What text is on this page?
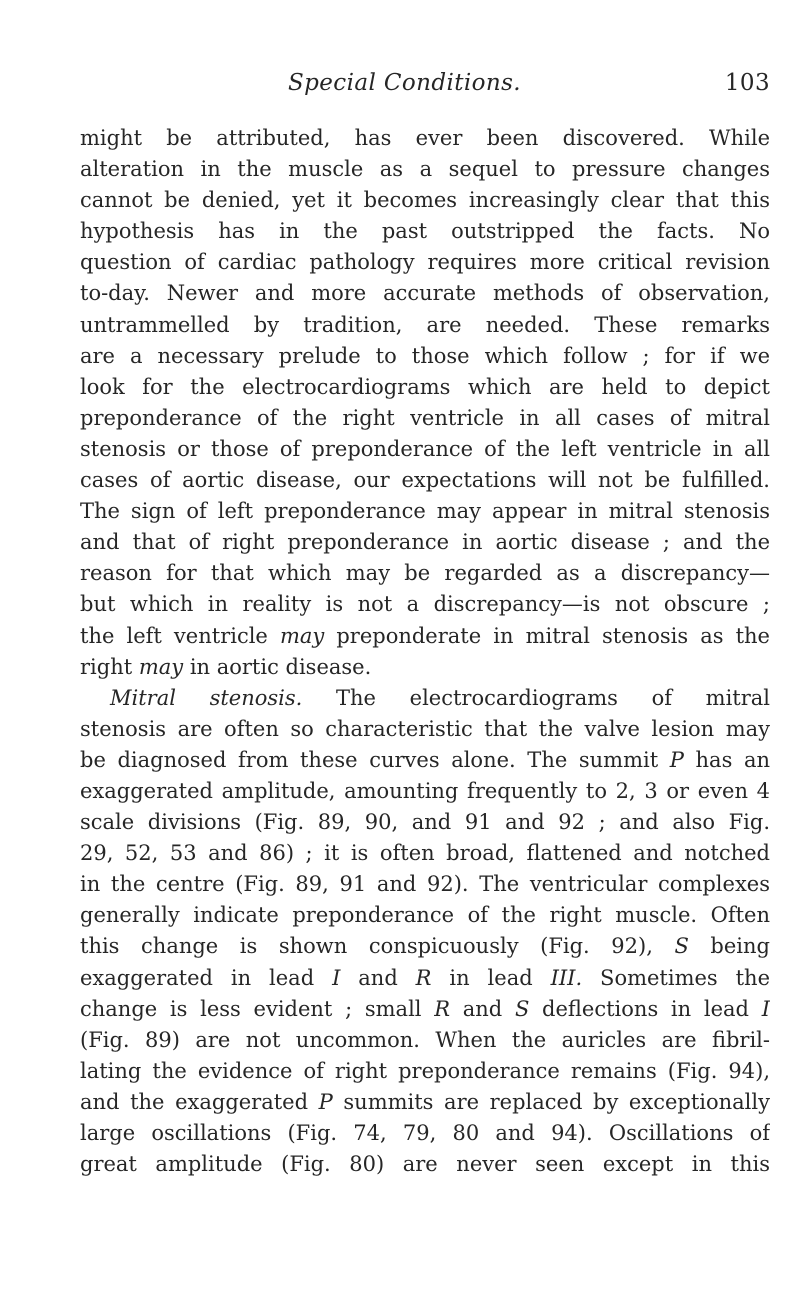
Special Conditions.	103
might be attributed, has ever been discovered. While
alteration in the muscle as a sequel to pressure changes
cannot be denied, yet it becomes increasingly clear that this
hypothesis has in the past outstripped the facts. No
question of cardiac pathology requires more critical revision
to-day. Newer and more accurate methods of observation,
untrammelled by tradition, are needed. These remarks
are a necessary prelude to those which follow ; for if we
look for the electrocardiograms which are held to depict
preponderance of the right ventricle in all cases of mitral
stenosis or those of preponderance of the left ventricle in all
cases of aortic disease, our expectations will not be fulfilled.
The sign of left preponderance may appear in mitral stenosis
and that of right preponderance in aortic disease ; and the
reason for that which may be regarded as a discrepancy—
but which in reality is not a discrepancy—is not obscure ;
the left ventricle may preponderate in mitral stenosis as the
right may in aortic disease.
Mitral stenosis. The electrocardiograms of mitral
stenosis are often so characteristic that the valve lesion may
be diagnosed from these curves alone. The summit P has an
exaggerated amplitude, amounting frequently to 2, 3 or even 4
scale divisions (Fig. 89, 90, and 91 and 92 ; and also Fig.
29, 52, 53 and 86) ; it is often broad, flattened and notched
in the centre (Fig. 89, 91 and 92). The ventricular complexes
generally indicate preponderance of the right muscle. Often
this change is shown conspicuously (Fig. 92), S being
exaggerated in lead I and R in lead III. Sometimes the
change is less evident ; small R and S deflections in lead I
(Fig. 89) are not uncommon. When the auricles are fibril-
lating the evidence of right preponderance remains (Fig. 94),
and the exaggerated P summits are replaced by exceptionally
large oscillations (Fig. 74, 79, 80 and 94). Oscillations of
great amplitude (Fig. 80) are never seen except in this
